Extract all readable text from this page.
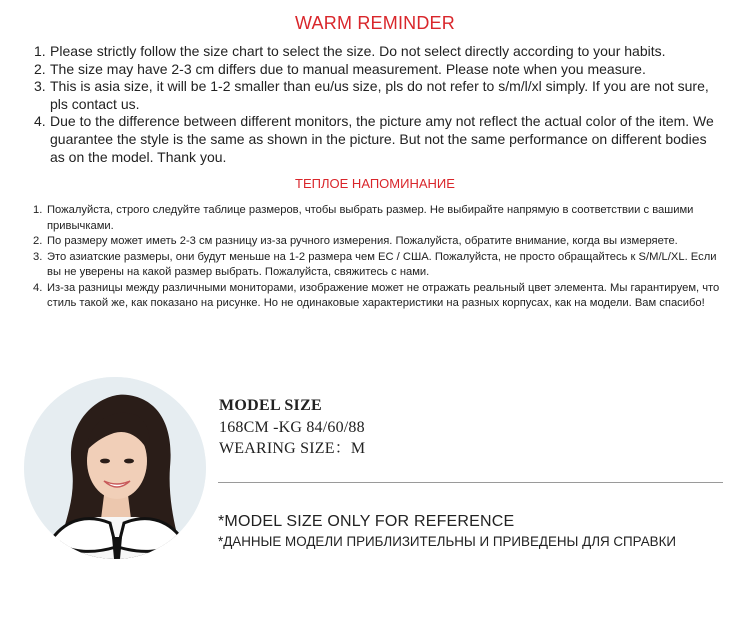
WARM REMINDER
1. Please strictly follow the size chart to select the size. Do not select directly according to your habits.
2. The size may have 2-3 cm differs due to manual measurement. Please note when you measure.
3. This is asia size, it will be 1-2 smaller than eu/us size, pls do not refer to s/m/l/xl simply. If you are not sure, pls contact us.
4. Due to the difference between different monitors, the picture amy not reflect the actual color of the item. We guarantee the style is the same as shown in the picture. But not the same performance on different bodies as on the model. Thank you.
ТЕПЛОЕ НАПОМИНАНИЕ
1. Пожалуйста, строго следуйте таблице размеров, чтобы выбрать размер. Не выбирайте напрямую в соответствии с вашими привычками.
2. По размеру может иметь 2-3 см разницу из-за ручного измерения. Пожалуйста, обратите внимание, когда вы измеряете.
3. Это азиатские размеры, они будут меньше на 1-2 размера чем ЕС / США. Пожалуйста, не просто обращайтесь к S/M/L/XL. Если вы не уверены на какой размер выбрать. Пожалуйста, свяжитесь с нами.
4. Из-за разницы между различными мониторами, изображение может не отражать реальный цвет элемента. Мы гарантируем, что стиль такой же, как показано на рисунке. Но не одинаковые характеристики на разных корпусах, как на модели. Вам спасибо!
MODEL SIZE
168CM -KG 84/60/88
WEARING SIZE：M
*MODEL SIZE ONLY FOR REFERENCE
*ДАННЫЕ МОДЕЛИ ПРИБЛИЗИТЕЛЬНЫ И ПРИВЕДЕНЫ ДЛЯ СПРАВКИ
